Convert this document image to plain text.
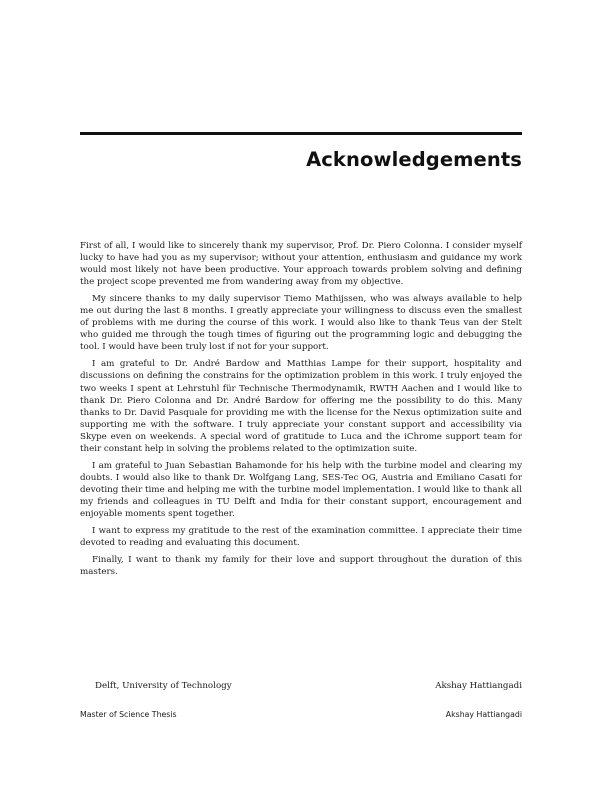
Acknowledgements

First of all, I would like to sincerely thank my supervisor, Prof. Dr. Piero Colonna. I consider myself lucky to have had you as my supervisor; without your attention, enthusiasm and guidance my work would most likely not have been productive. Your approach towards problem solving and defining the project scope prevented me from wandering away from my objective.

My sincere thanks to my daily supervisor Tiemo Mathijssen, who was always available to help me out during the last 8 months. I greatly appreciate your willingness to discuss even the smallest of problems with me during the course of this work. I would also like to thank Teus van der Stelt who guided me through the tough times of figuring out the programming logic and debugging the tool. I would have been truly lost if not for your support.

I am grateful to Dr. André Bardow and Matthias Lampe for their support, hospitality and discussions on defining the constrains for the optimization problem in this work. I truly enjoyed the two weeks I spent at Lehrstuhl für Technische Thermodynamik, RWTH Aachen and I would like to thank Dr. Piero Colonna and Dr. André Bardow for offering me the possibility to do this. Many thanks to Dr. David Pasquale for providing me with the license for the Nexus optimization suite and supporting me with the software. I truly appreciate your constant support and accessibility via Skype even on weekends. A special word of gratitude to Luca and the iChrome support team for their constant help in solving the problems related to the optimization suite.

I am grateful to Juan Sebastian Bahamonde for his help with the turbine model and clearing my doubts. I would also like to thank Dr. Wolfgang Lang, SES-Tec OG, Austria and Emiliano Casati for devoting their time and helping me with the turbine model implementation. I would like to thank all my friends and colleagues in TU Delft and India for their constant support, encouragement and enjoyable moments spent together.

I want to express my gratitude to the rest of the examination committee. I appreciate their time devoted to reading and evaluating this document.

Finally, I want to thank my family for their love and support throughout the duration of this masters.

Delft, University of Technology	Akshay Hattiangadi
Master of Science Thesis	Akshay Hattiangadi
